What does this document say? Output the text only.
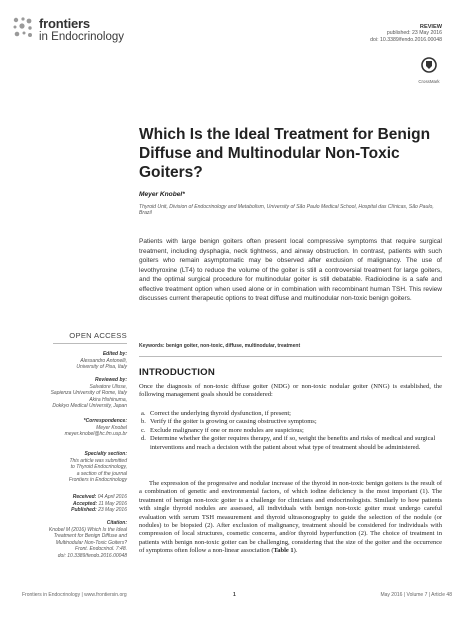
frontiers
in Endocrinology
REVIEW
published: 23 May 2016
doi: 10.3389/fendo.2016.00048
CrossMark
Which Is the Ideal Treatment for Benign Diffuse and Multinodular Non-Toxic Goiters?
Meyer Knobel*
Thyroid Unit, Division of Endocrinology and Metabolism, University of São Paulo Medical School, Hospital das Clínicas, São Paulo, Brazil
Patients with large benign goiters often present local compressive symptoms that require surgical treatment, including dysphagia, neck tightness, and airway obstruction. In contrast, patients with such goiters who remain asymptomatic may be observed after exclusion of malignancy. The use of levothyroxine (LT4) to reduce the volume of the goiter is still a controversial treatment for large goiters, and the optimal surgical procedure for multinodular goiter is still debatable. Radioiodine is a safe and effective treatment option when used alone or in combination with recombinant human TSH. This review discusses current therapeutic options to treat diffuse and multinodular non-toxic benign goiters.
Keywords: benign goiter, non-toxic, diffuse, multinodular, treatment
INTRODUCTION
Once the diagnosis of non-toxic diffuse goiter (NDG) or non-toxic nodular goiter (NNG) is established, the following management goals should be considered:
a. Correct the underlying thyroid dysfunction, if present;
b. Verify if the goiter is growing or causing obstructive symptoms;
c. Exclude malignancy if one or more nodules are suspicious;
d. Determine whether the goiter requires therapy, and if so, weight the benefits and risks of medical and surgical interventions and reach a decision with the patient about what type of treatment should be administered.
The expression of the progressive and nodular increase of the thyroid in non-toxic benign goiters is the result of a combination of genetic and environmental factors, of which iodine deficiency is the most important (1). The treatment of benign non-toxic goiter is a challenge for clinicians and endocrinologists. Similarly to how patients with single thyroid nodules are assessed, all individuals with benign non-toxic goiter must undergo careful evaluation with serum TSH measurement and thyroid ultrasonography to guide the selection of the nodule (or nodules) to be biopsied (2). After exclusion of malignancy, treatment should be considered for individuals with compression of local structures, cosmetic concerns, and/or thyroid hyperfunction (2). The choice of treatment in patients with benign non-toxic goiter can be challenging, considering that the size of the goiter and the occurrence of symptoms often follow a non-linear association (Table 1).
OPEN ACCESS
Edited by:
Alessandro Antonelli,
University of Pisa, Italy
Reviewed by:
Salvatore Ulisse,
Sapienza University of Rome, Italy
Akira Hishinuma,
Dokkyo Medical University, Japan
*Correspondence:
Meyer Knobel
meyer.knobel@hc.fm.usp.br
Specialty section:
This article was submitted
to Thyroid Endocrinology,
a section of the journal
Frontiers in Endocrinology
Received: 04 April 2016
Accepted: 11 May 2016
Published: 23 May 2016
Citation:
Knobel M (2016) Which Is the Ideal
Treatment for Benign Diffuse and
Multinodular Non-Toxic Goiters?
Front. Endocrinol. 7:48.
doi: 10.3389/fendo.2016.00048
Frontiers in Endocrinology | www.frontiersin.org	1	May 2016 | Volume 7 | Article 48
